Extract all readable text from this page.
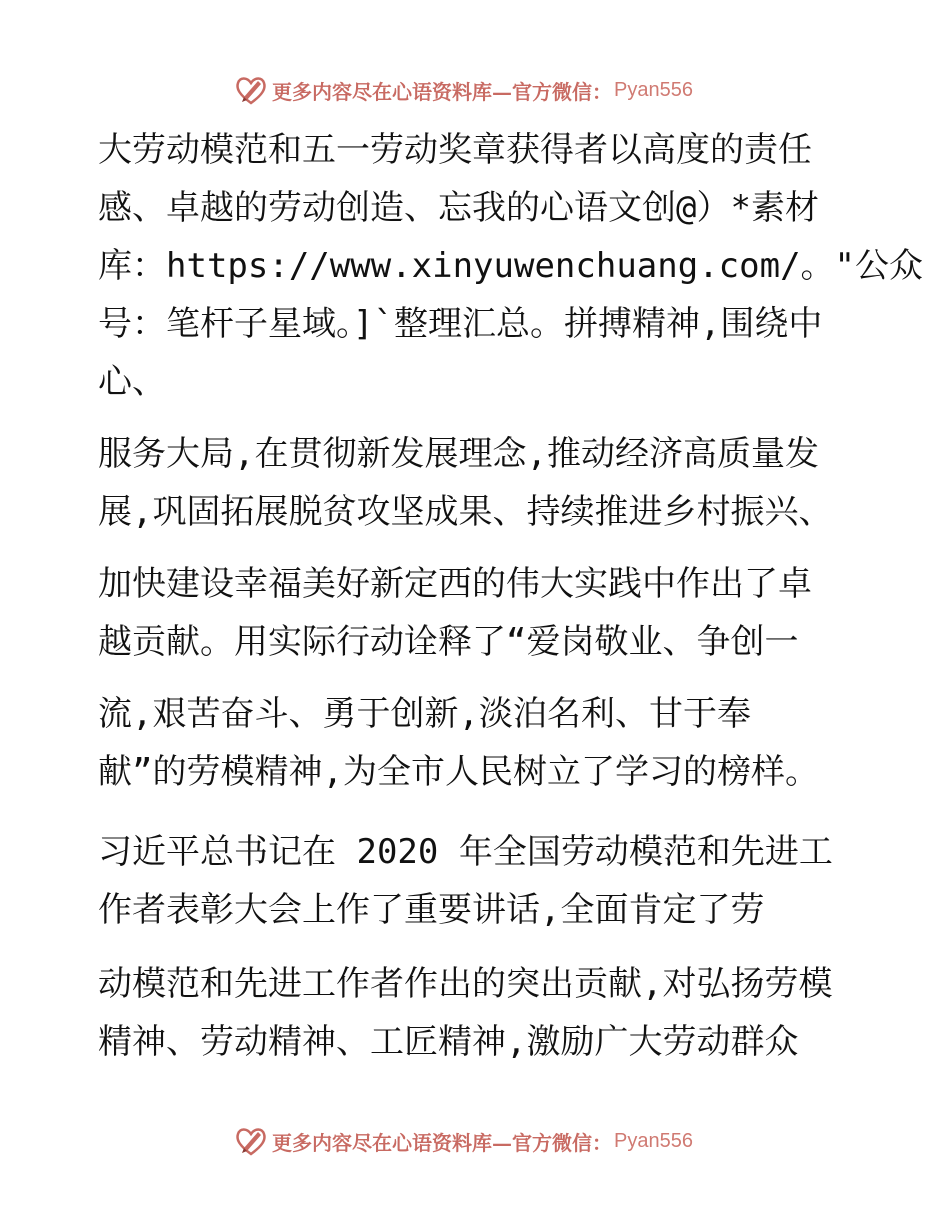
更多内容尽在心语资料库—官方微信： Pyan556
大劳动模范和五一劳动奖章获得者以高度的责任
感、卓越的劳动创造、忘我的心语文创@）*素材
库：https://www.xinyuwenchuang.com/。"公众
号：笔杆子星域。]`整理汇总。拼搏精神,围绕中
心、
服务大局,在贯彻新发展理念,推动经济高质量发
展,巩固拓展脱贫攻坚成果、持续推进乡村振兴、
加快建设幸福美好新定西的伟大实践中作出了卓
越贡献。用实际行动诠释了“爱岗敬业、争创一
流,艰苦奋斗、勇于创新,淡泊名利、甘于奉
献”的劳模精神,为全市人民树立了学习的榜样。
习近平总书记在 2020 年全国劳动模范和先进工
作者表彰大会上作了重要讲话,全面肯定了劳
动模范和先进工作者作出的突出贡献,对弘扬劳模
精神、劳动精神、工匠精神,激励广大劳动群众
更多内容尽在心语资料库—官方微信： Pyan556
